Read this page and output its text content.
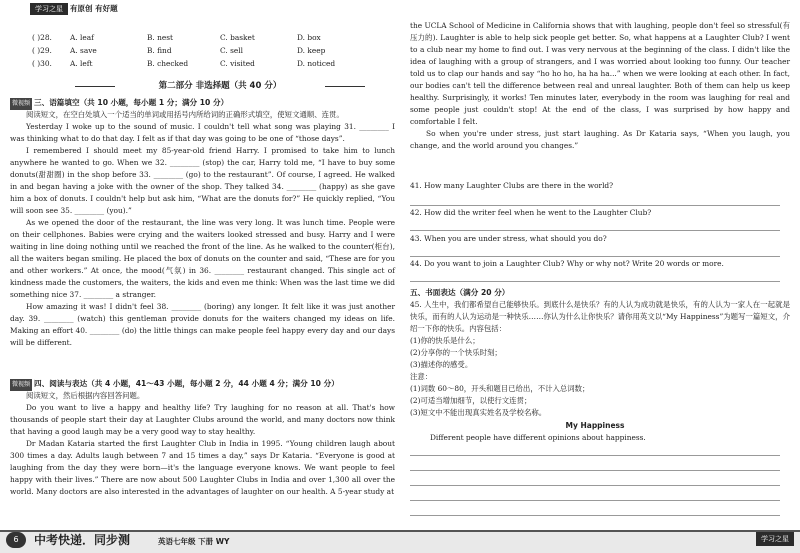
学习之星 有原创 有好题
( )28. A. leaf	B. nest	C. basket	D. box
( )29. A. save	B. find	C. sell	D. keep
( )30. A. left	B. checked	C. visited	D. noticed
第二部分 非选择题（共 40 分）
微视频 三、语篇填空（共 10 小题，每小题 1 分；满分 10 分）

阅读短文，在空白处填入一个适当的单词或用括号内所给词的正确形式填空，使短文通顺、连贯。

Yesterday I woke up to the sound of music. I couldn't tell what song was playing 31. ________ I was thinking what to do that day. I felt as if that day was going to be one of “those days”.

I remembered I should meet my 85-year-old friend Harry. I promised to take him to lunch anywhere he wanted to go. When we 32. ________ (stop) the car, Harry told me, “I have to buy some donuts(甜甜圈) in the shop before 33. ________ (go) to the restaurant”. Of course, I agreed. He walked in and began having a joke with the owner of the shop. They talked 34. ________ (happy) as she gave him a box of donuts. I couldn't help but ask him, “What are the donuts for?” He quickly replied, “You will soon see 35. ________ (you).”

As we opened the door of the restaurant, the line was very long. It was lunch time. People were on their cellphones. Babies were crying and the waiters looked stressed and busy. Harry and I were waiting in line doing nothing until we reached the front of the line. As he walked to the counter(柜台), all the waiters began smiling. He placed the box of donuts on the counter and said, “These are for you and other workers.” At once, the mood(气氛) in 36. ________ restaurant changed. This single act of kindness made the customers, the waiters, the kids and even me think: When was the last time we did something nice 37. ________ a stranger.

How amazing it was! I didn't feel 38. ________ (boring) any longer. It felt like it was just another day. 39. ________ (watch) this gentleman provide donuts for the waiters changed my ideas on life. Making an effort 40. ________ (do) the little things can make people feel happy every day and our days will be different.

微视频 四、阅读与表达（共 4 小题，41～43 小题，每小题 2 分，44 小题 4 分；满分 10 分）

阅读短文，然后根据内容回答问题。

Do you want to live a happy and healthy life? Try laughing for no reason at all. That's how thousands of people start their day at Laughter Clubs around the world, and many doctors now think that having a good laugh may be a very good way to stay healthy.

Dr Madan Kataria started the first Laughter Club in India in 1995. “Young children laugh about 300 times a day. Adults laugh between 7 and 15 times a day,” says Dr Kataria. “Everyone is good at laughing from the day they were born—it's the language everyone knows. We want people to feel happy with their lives.” There are now about 500 Laughter Clubs in India and over 1,300 all over the world. Many doctors are also interested in the advantages of laughter on our health. A 5-year study at

the UCLA School of Medicine in California shows that with laughing, people don't feel so stressful(有压力的). Laughter is able to help sick people get better. So, what happens at a Laughter Club? I went to a club near my home to find out. I was very nervous at the beginning of the class. I didn't like the idea of laughing with a group of strangers, and I was worried about looking too funny. Our teacher told us to clap our hands and say “ho ho ho, ha ha ha...” when we were looking at each other. In fact, our bodies can't tell the difference between real and unreal laughter. Both of them can help us keep healthy. Surprisingly, it works! Ten minutes later, everybody in the room was laughing for real and some people just couldn't stop! At the end of the class, I was surprised by how happy and comfortable I felt.

So when you're under stress, just start laughing. As Dr Kataria says, “When you laugh, you change, and the world around you changes.”

41. How many Laughter Clubs are there in the world?
42. How did the writer feel when he went to the Laughter Club?
43. When you are under stress, what should you do?
44. Do you want to join a Laughter Club? Why or why not? Write 20 words or more.
五、书面表达（满分 20 分）

45. 人生中，我们都希望自己能够快乐。到底什么是快乐？有的人认为成功就是快乐，有的人认为一家人在一起就是快乐，而有的人认为运动是一种快乐……你认为什么让你快乐？请你用英文以“My Happiness”为题写一篇短文，介绍一下你的快乐。内容包括：

(1)你的快乐是什么；
(2)分享你的一个快乐时刻；
(3)描述你的感受。
注意：
(1)词数 60～80，开头和题目已给出，不计入总词数；
(2)可适当增加细节，以使行文连贯；
(3)短文中不能出现真实姓名及学校名称。
My Happiness
Different people have different opinions about happiness.
6	中考快递．同步测	英语七年级 下册 WY	学习之星
